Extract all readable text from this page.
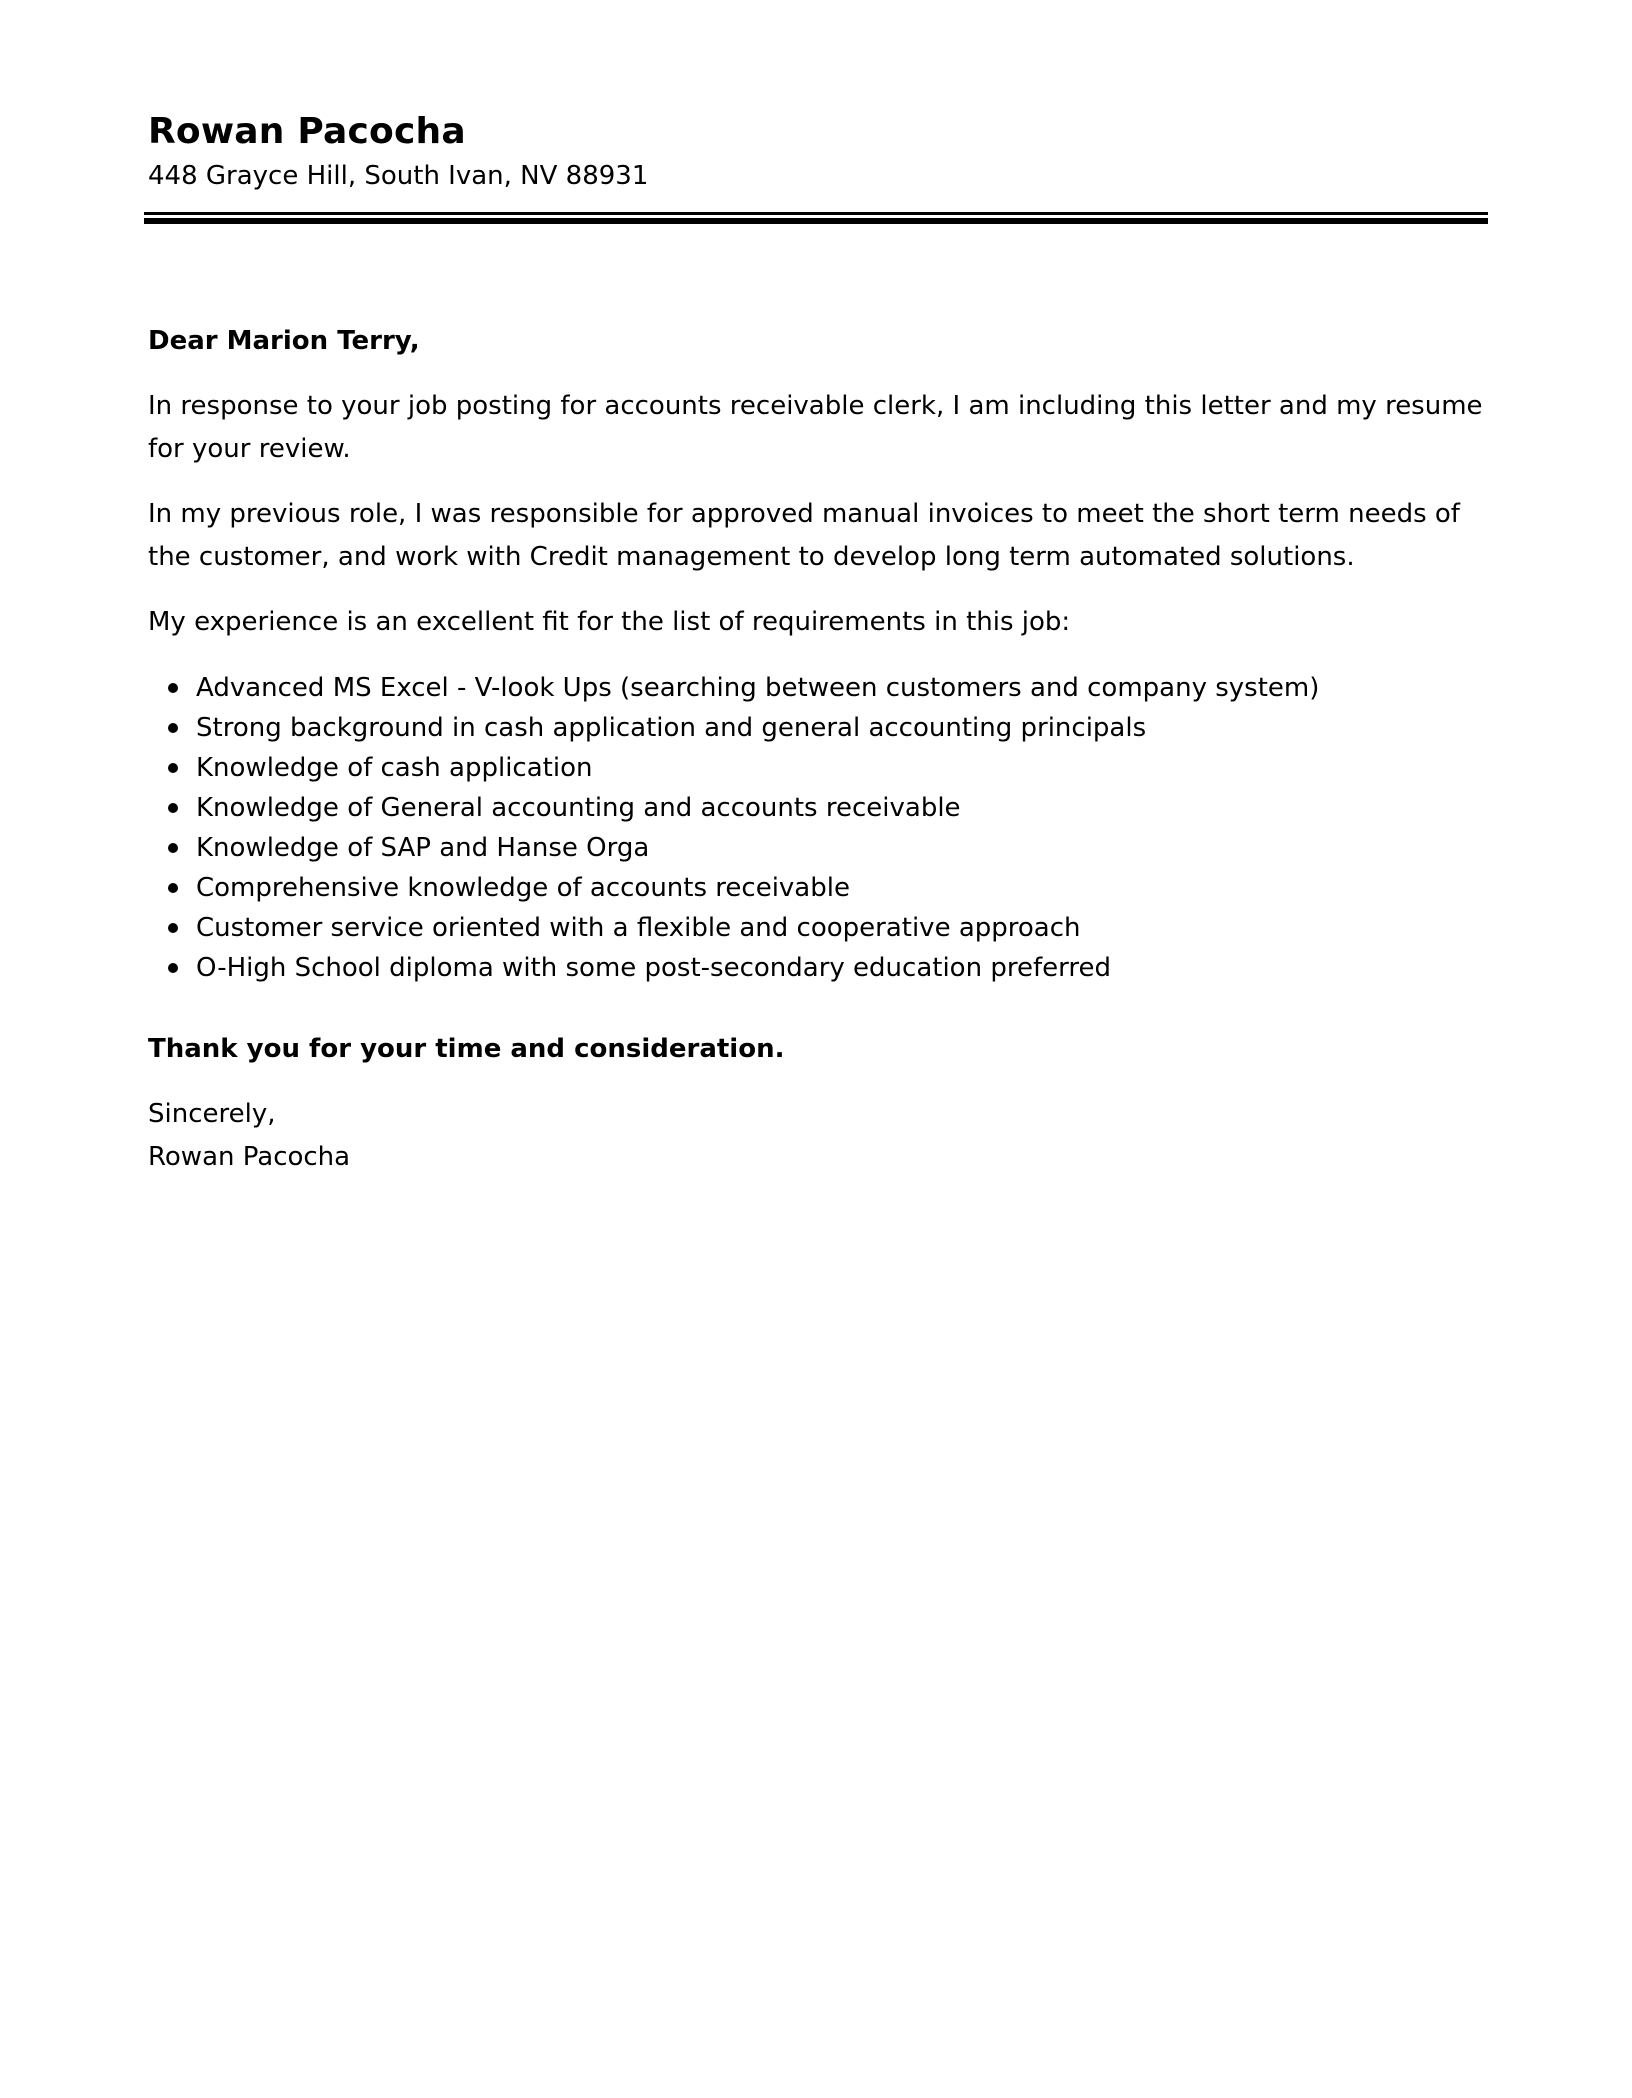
Rowan Pacocha
448 Grayce Hill, South Ivan, NV 88931

Dear Marion Terry,

In response to your job posting for accounts receivable clerk, I am including this letter and my resume for your review.

In my previous role, I was responsible for approved manual invoices to meet the short term needs of the customer, and work with Credit management to develop long term automated solutions.

My experience is an excellent fit for the list of requirements in this job:

Advanced MS Excel - V-look Ups (searching between customers and company system)
Strong background in cash application and general accounting principals
Knowledge of cash application
Knowledge of General accounting and accounts receivable
Knowledge of SAP and Hanse Orga
Comprehensive knowledge of accounts receivable
Customer service oriented with a flexible and cooperative approach
O-High School diploma with some post-secondary education preferred

Thank you for your time and consideration.

Sincerely,

Rowan Pacocha
